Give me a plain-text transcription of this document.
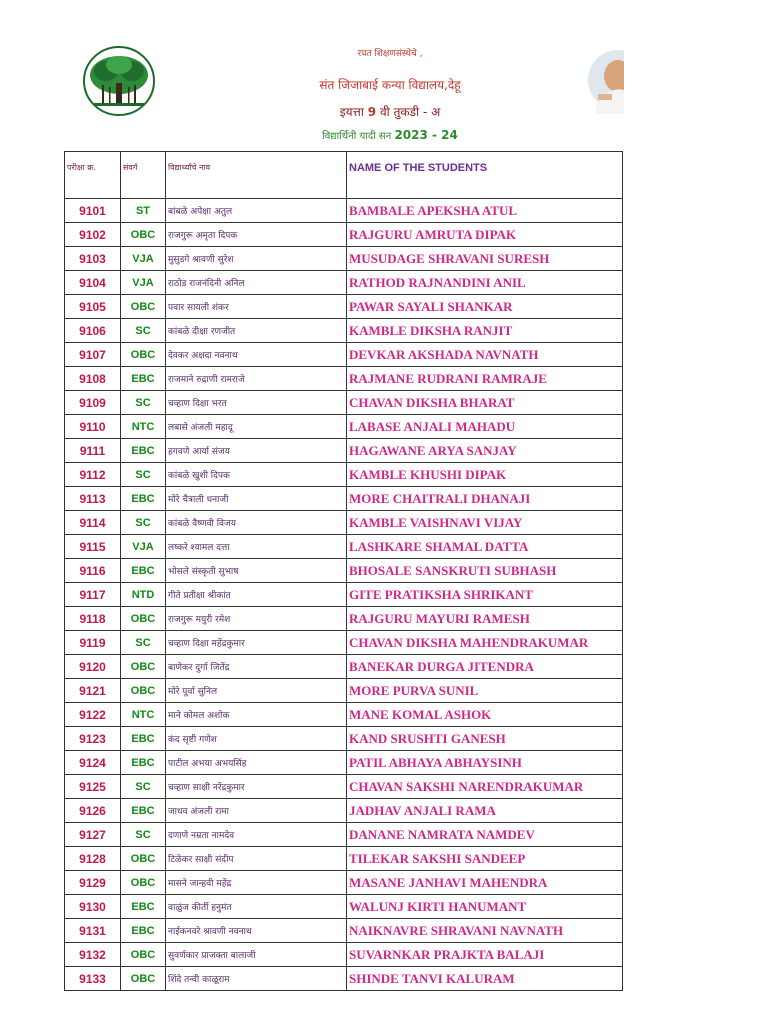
रयत शिक्षणसंस्थेचे ,
संत जिजाबाई कन्या विद्यालय,देहू
इयत्ता 9 वी तुकडी - अ
विद्यार्थिनी यादी सन 2023 - 24
परीक्षा क्र.	संवर्ग	विद्यार्थ्यांचे नाव	NAME OF THE STUDENTS
9101	ST	बांबळे अपेक्षा अतुल	BAMBALE APEKSHA ATUL
9102	OBC	राजगुरू अमृता दिपक	RAJGURU AMRUTA DIPAK
9103	VJA	मुसुडगे श्रावणी सुरेश	MUSUDAGE SHRAVANI SURESH
9104	VJA	राठोड राजनंदिनी अनिल	RATHOD RAJNANDINI ANIL
9105	OBC	पवार सायली शंकर	PAWAR SAYALI SHANKAR
9106	SC	कांबळे दीक्षा रणजीत	KAMBLE DIKSHA RANJIT
9107	OBC	देवकर अक्षदा नवनाथ	DEVKAR AKSHADA NAVNATH
9108	EBC	राजमाने रुद्राणी रामराजे	RAJMANE RUDRANI RAMRAJE
9109	SC	चव्हाण दिक्षा भरत	CHAVAN DIKSHA BHARAT
9110	NTC	लबासे अंजली महादू	LABASE ANJALI MAHADU
9111	EBC	हगवणे आर्या संजय	HAGAWANE ARYA SANJAY
9112	SC	कांबळे खुशी दिपक	KAMBLE KHUSHI DIPAK
9113	EBC	मोरे चैत्राली धनाजी	MORE CHAITRALI DHANAJI
9114	SC	कांबळे वैष्णवी विजय	KAMBLE VAISHNAVI VIJAY
9115	VJA	लष्करे श्यामल दत्ता	LASHKARE SHAMAL DATTA
9116	EBC	भोसले संस्कृती सुभाष	BHOSALE SANSKRUTI SUBHASH
9117	NTD	गीते प्रतीक्षा श्रीकांत	GITE PRATIKSHA SHRIKANT
9118	OBC	राजगुरू मयुरी रमेश	RAJGURU MAYURI RAMESH
9119	SC	चव्हाण दिक्षा महेंद्रकुमार	CHAVAN DIKSHA MAHENDRAKUMAR
9120	OBC	बाणेकर दुर्गा जितेंद्र	BANEKAR DURGA JITENDRA
9121	OBC	मोरे पूर्वा सुनिल	MORE PURVA SUNIL
9122	NTC	माने कोमल अशोक	MANE KOMAL ASHOK
9123	EBC	कंद सृष्टी गणेश	KAND SRUSHTI GANESH
9124	EBC	पाटील अभया अभयसिंह	PATIL ABHAYA ABHAYSINH
9125	SC	चव्हाण साक्षी नरेंद्रकुमार	CHAVAN SAKSHI NARENDRAKUMAR
9126	EBC	जाधव अंजली रामा	JADHAV ANJALI RAMA
9127	SC	दणाणे नम्रता नामदेव	DANANE NAMRATA NAMDEV
9128	OBC	टिळेकर साक्षी संदीप	TILEKAR SAKSHI SANDEEP
9129	OBC	मासने जान्हवी महेंद्र	MASANE JANHAVI MAHENDRA
9130	EBC	वाळुंज कीर्ती हनुमंत	WALUNJ KIRTI HANUMANT
9131	EBC	नाईकनवरे श्रावणी नवनाथ	NAIKNAVRE SHRAVANI NAVNATH
9132	OBC	सुवर्णकार प्राजक्ता बालाजी	SUVARNKAR PRAJKTA BALAJI
9133	OBC	शिंदे तन्वी काळूराम	SHINDE TANVI KALURAM
